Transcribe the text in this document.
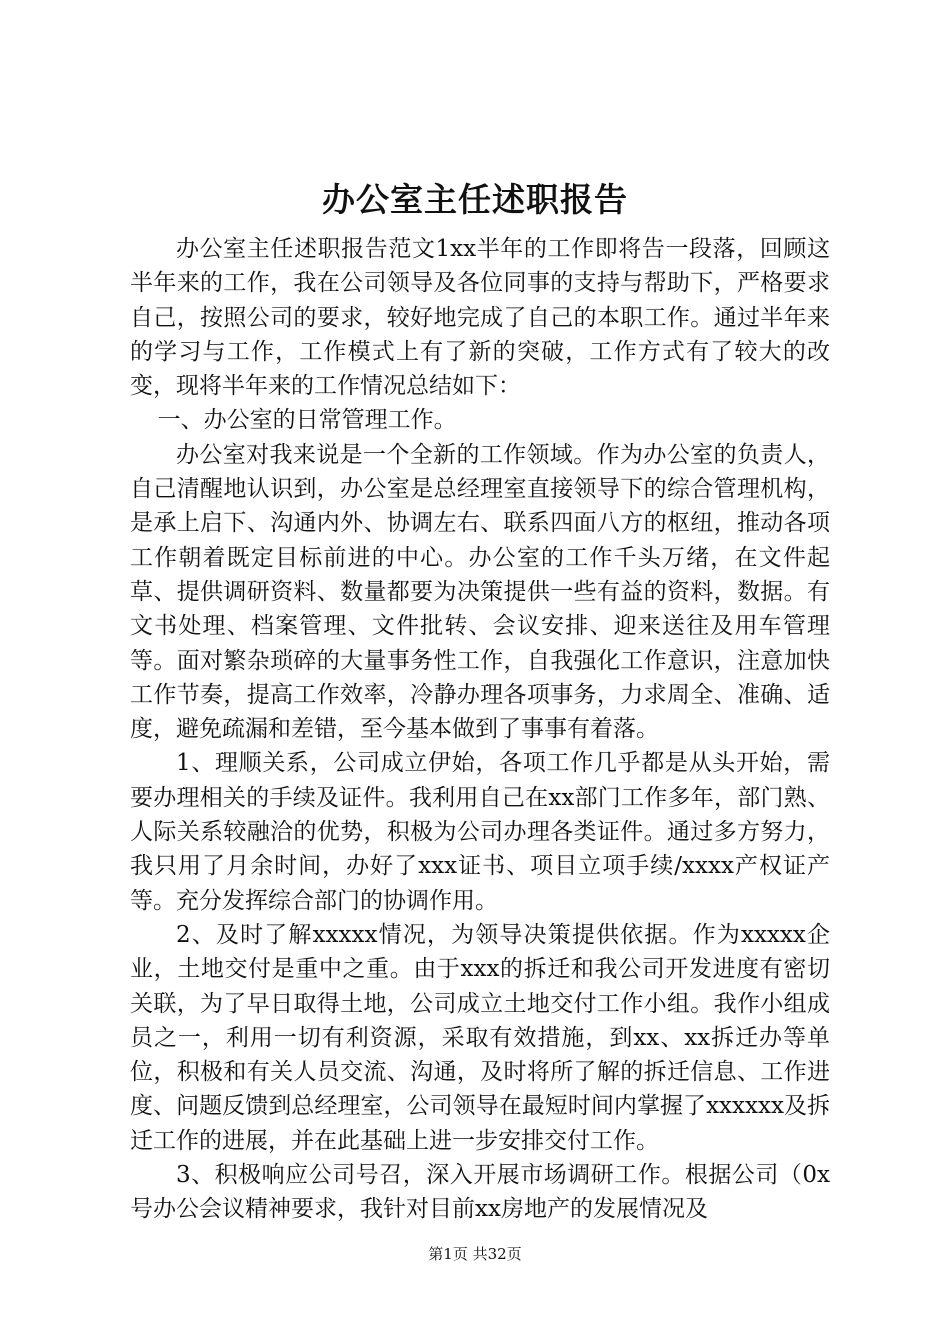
办公室主任述职报告

办公室主任述职报告范文1xx半年的工作即将告一段落，回顾这半年来的工作，我在公司领导及各位同事的支持与帮助下，严格要求自己，按照公司的要求，较好地完成了自己的本职工作。通过半年来的学习与工作，工作模式上有了新的突破，工作方式有了较大的改变，现将半年来的工作情况总结如下：

一、办公室的日常管理工作。

办公室对我来说是一个全新的工作领域。作为办公室的负责人，自己清醒地认识到，办公室是总经理室直接领导下的综合管理机构，是承上启下、沟通内外、协调左右、联系四面八方的枢纽，推动各项工作朝着既定目标前进的中心。办公室的工作千头万绪，在文件起草、提供调研资料、数量都要为决策提供一些有益的资料，数据。有文书处理、档案管理、文件批转、会议安排、迎来送往及用车管理等。面对繁杂琐碎的大量事务性工作，自我强化工作意识，注意加快工作节奏，提高工作效率，冷静办理各项事务，力求周全、准确、适度，避免疏漏和差错，至今基本做到了事事有着落。

1、理顺关系，公司成立伊始，各项工作几乎都是从头开始，需要办理相关的手续及证件。我利用自己在xx部门工作多年，部门熟、人际关系较融洽的优势，积极为公司办理各类证件。通过多方努力，我只用了月余时间，办好了xxx证书、项目立项手续/xxxx产权证产等。充分发挥综合部门的协调作用。

2、及时了解xxxxx情况，为领导决策提供依据。作为xxxxx企业，土地交付是重中之重。由于xxx的拆迁和我公司开发进度有密切关联，为了早日取得土地，公司成立土地交付工作小组。我作小组成员之一，利用一切有利资源，采取有效措施，到xx、xx拆迁办等单位，积极和有关人员交流、沟通，及时将所了解的拆迁信息、工作进度、问题反馈到总经理室，公司领导在最短时间内掌握了xxxxxx及拆迁工作的进展，并在此基础上进一步安排交付工作。

3、积极响应公司号召，深入开展市场调研工作。根据公司（0x号办公会议精神要求，我针对目前xx房地产的发展情况及

第1页 共32页
